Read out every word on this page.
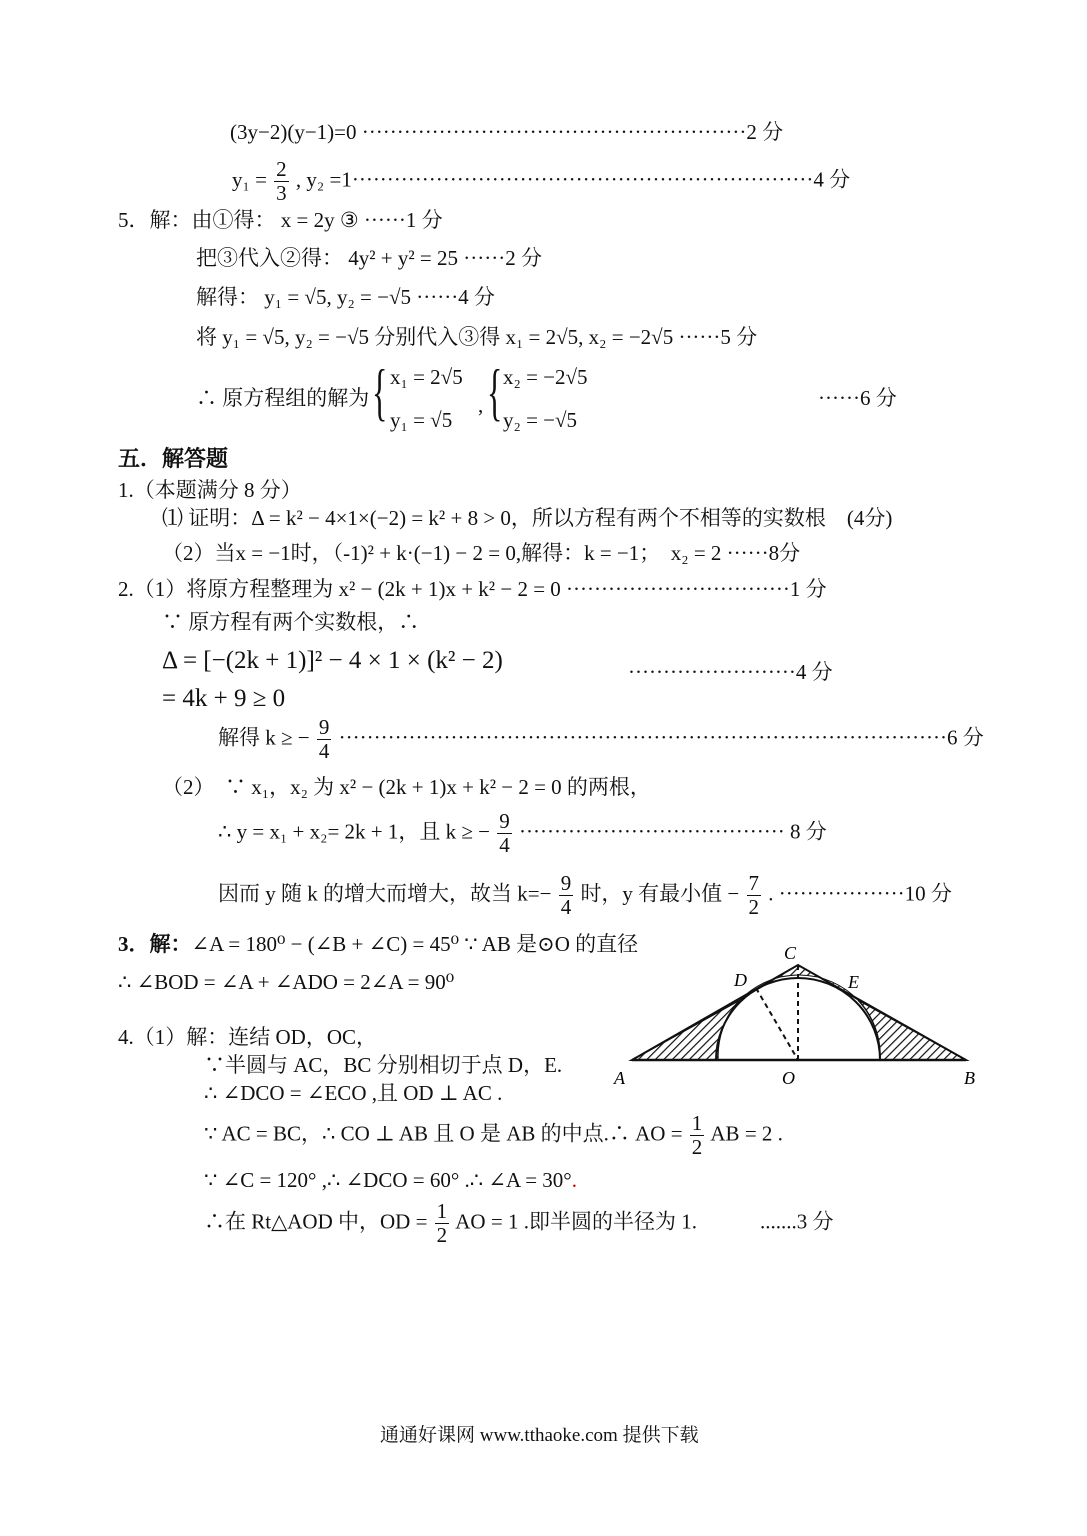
(3y−2)(y−1)=0 ·······················································2 分
$y_1 = \frac{2}{3}$ , y₂ =1··································································4 分
5．解：由①得： x = 2y ③ ······1 分
把③代入②得： 4y² + y² = 25 ······2 分
解得： y₁ = √5, y₂ = −√5 ······4 分
将 y₁ = √5, y₂ = −√5 分别代入③得 x₁ = 2√5, x₂ = −2√5 ······5 分
∴ 原方程组的解为 { x₁ = 2√5
y₁ = √5
, { x₂ = −2√5
y₂ = −√5
······6 分
五．解答题
1.（本题满分 8 分）
⑴ 证明：Δ = k² − 4×1×(−2) = k² + 8 > 0，所以方程有两个不相等的实数根　(4分)
（2）当x = −1时，（-1)² + k·(−1) − 2 = 0,解得：k = −1；　x₂ = 2 ······8分
2.（1）将原方程整理为 x² − (2k + 1)x + k² − 2 = 0 ································1 分
∵ 原方程有两个实数根，∴
Δ = [−(2k + 1)]² − 4 × 1 × (k² − 2)	························4 分
= 4k + 9 ≥ 0
解得 k ≥ − $\frac{9}{4} \cdot\cdot\cdot\cdot\cdot\cdot\cdot\cdot\cdot\cdot\cdot\cdot\cdot\cdot\cdot\cdot\cdot\cdot\cdot\cdot\cdot\cdot\cdot\cdot\cdot\cdot\cdot\cdot\cdot\cdot\cdot\cdot\cdot\cdot\cdot\cdot\cdot\cdot\cdot\cdot\cdot\cdot\cdot\cdot\cdot\cdot\cdot\cdot\cdot\cdot\cdot\cdot\cdot\cdot\cdot\cdot\cdot\cdot\cdot\cdot\cdot\cdot\cdot\cdot\cdot\cdot\cdot\cdot\cdot\cdot\cdot\cdot\cdot\cdot\cdot\cdot\cdot\cdot\cdot\cdot\cdot\cdot\cdot\cdot\cdot\cdot\cdot 6$ 分
（2）　∵ x₁，x₂ 为 x² − (2k + 1)x + k² − 2 = 0 的两根，
∴ y = x₁ + x₂= 2k + 1，且 k ≥ − $\frac{9}{4}$ ······································ 8 分
因而 y 随 k 的增大而增大，故当 $k=- \frac{9}{4}$ 时，y 有最小值 − $\frac{7}{2}$ . ··················10 分
3．解：∠A = 180⁰ − (∠B + ∠C) = 45⁰ ∵ AB 是⊙O 的直径
∴ ∠BOD = ∠A + ∠ADO = 2∠A = 90⁰
4.（1）解：连结 OD，OC，
∵半圆与 AC，BC 分别相切于点 D，E.
∴ ∠DCO = ∠ECO ,且 OD ⊥ AC .
∵ AC = BC，∴ CO ⊥ AB 且 O 是 AB 的中点.∴ AO = $\frac{1}{2}$ AB = 2 .
∵ ∠C = 120° ,∴ ∠DCO = 60° .∴ ∠A = 30°.
∴在 Rt△AOD 中，OD = $\frac{1}{2}$ AO = 1 .即半圆的半径为 1.　　　.......3 分
A	B
C
D	E
O
通通好课网 www.tthaoke.com 提供下载
